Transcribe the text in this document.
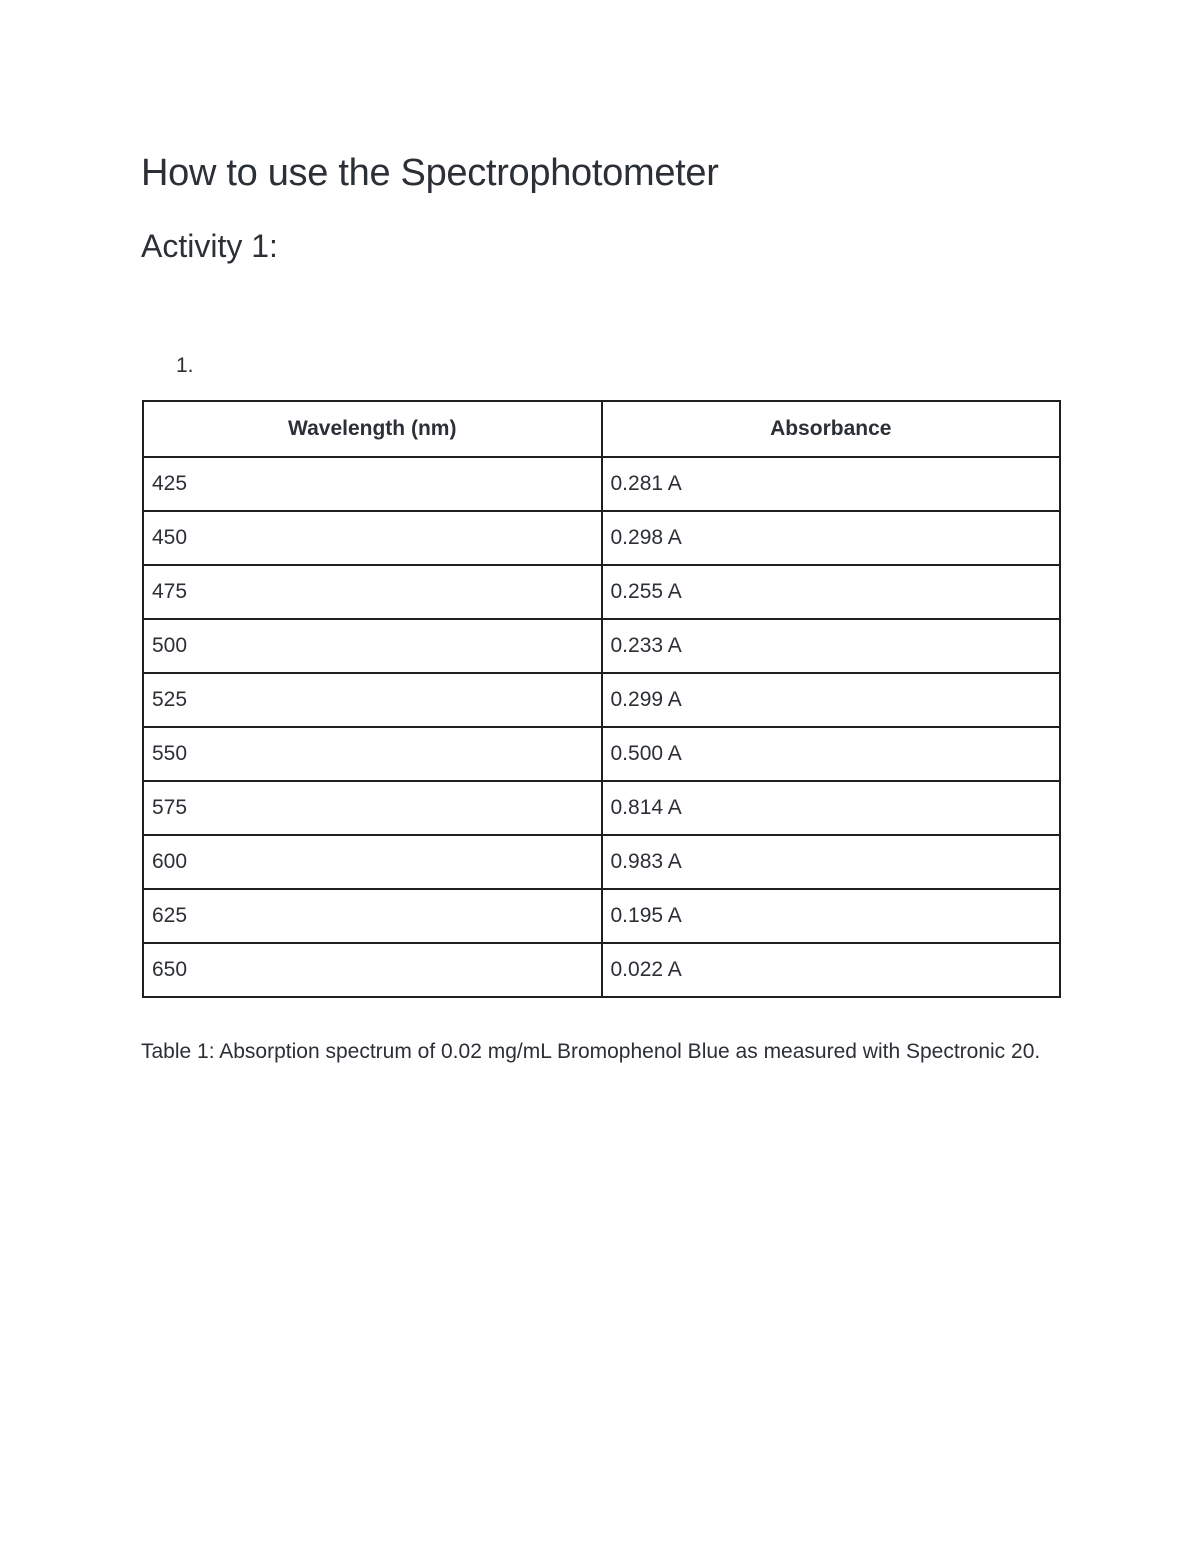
How to use the Spectrophotometer
Activity 1:
1.
Wavelength (nm)	Absorbance
425	0.281 A
450	0.298 A
475	0.255 A
500	0.233 A
525	0.299 A
550	0.500 A
575	0.814 A
600	0.983 A
625	0.195 A
650	0.022 A

Table 1: Absorption spectrum of 0.02 mg/mL Bromophenol Blue as measured with Spectronic 20.
